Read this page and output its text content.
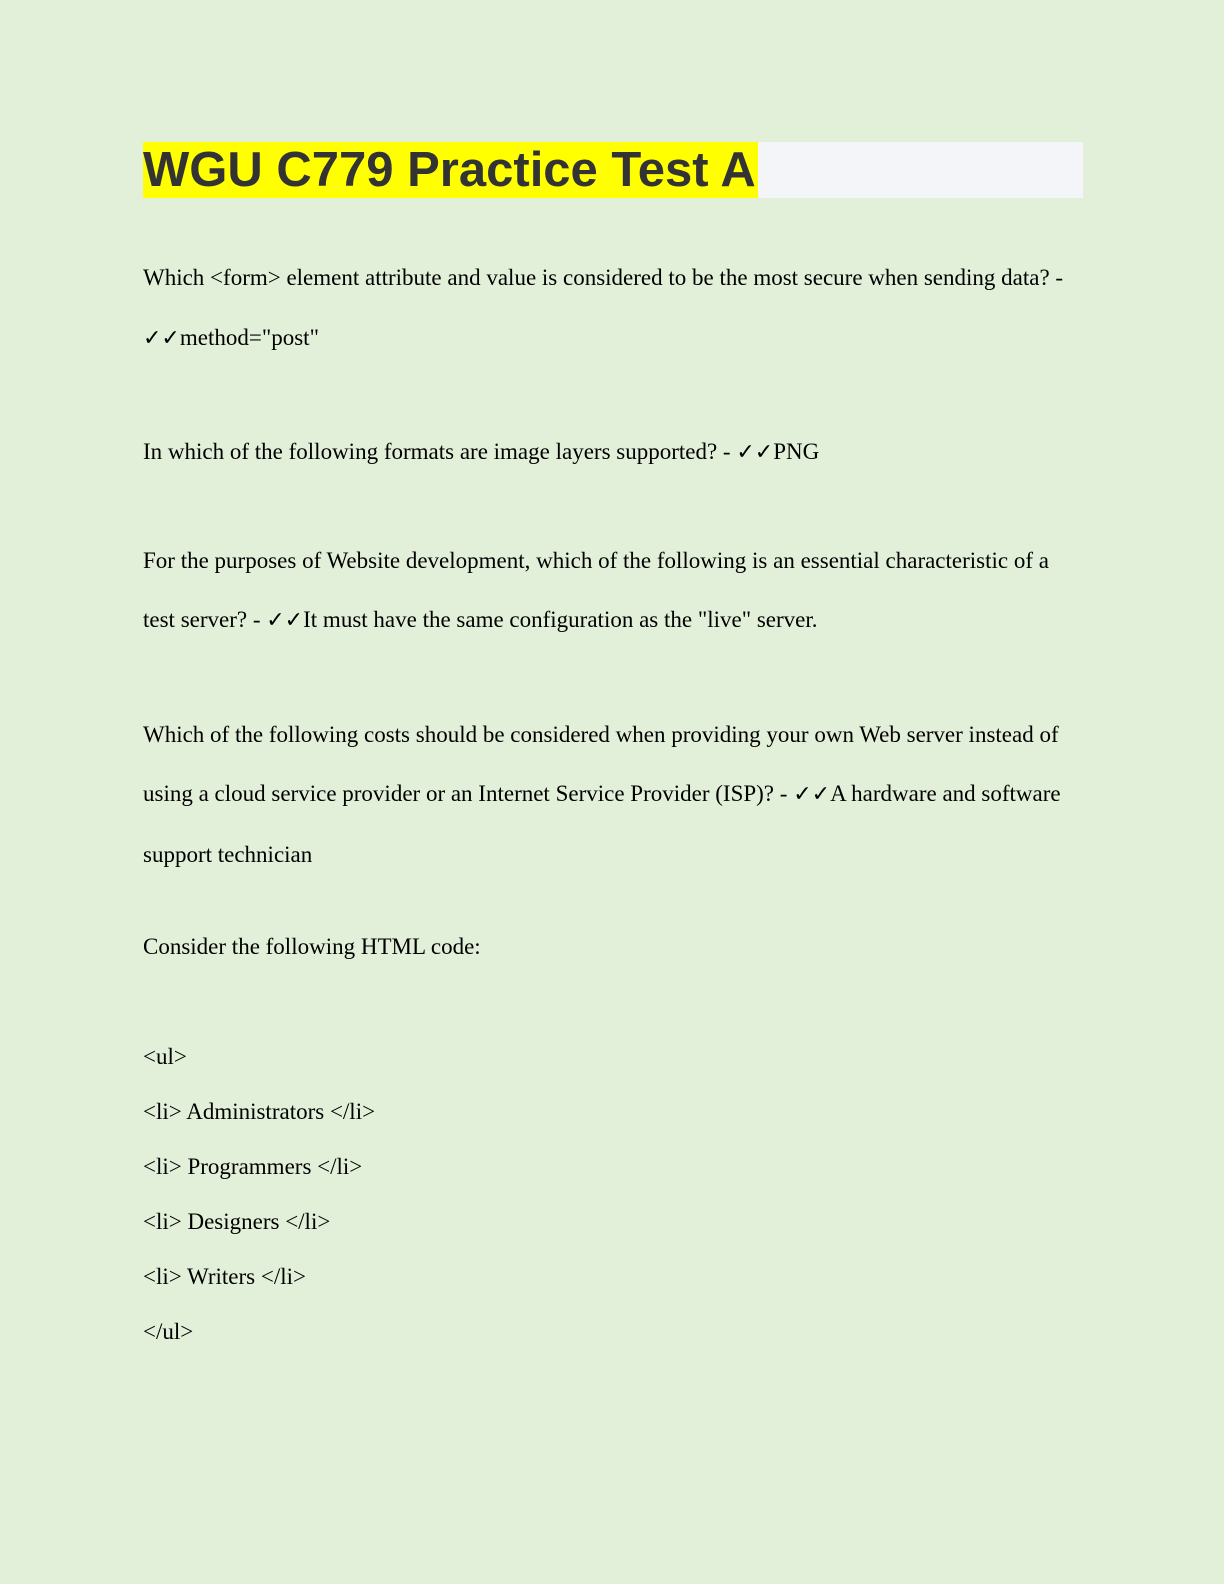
WGU C779 Practice Test A
Which <form> element attribute and value is considered to be the most secure when sending data? - ✓✓method="post"
In which of the following formats are image layers supported? - ✓✓PNG
For the purposes of Website development, which of the following is an essential characteristic of a test server? - ✓✓It must have the same configuration as the "live" server.
Which of the following costs should be considered when providing your own Web server instead of using a cloud service provider or an Internet Service Provider (ISP)? - ✓✓A hardware and software support technician
Consider the following HTML code:
<ul>
<li> Administrators </li>
<li> Programmers </li>
<li> Designers </li>
<li> Writers </li>
</ul>
